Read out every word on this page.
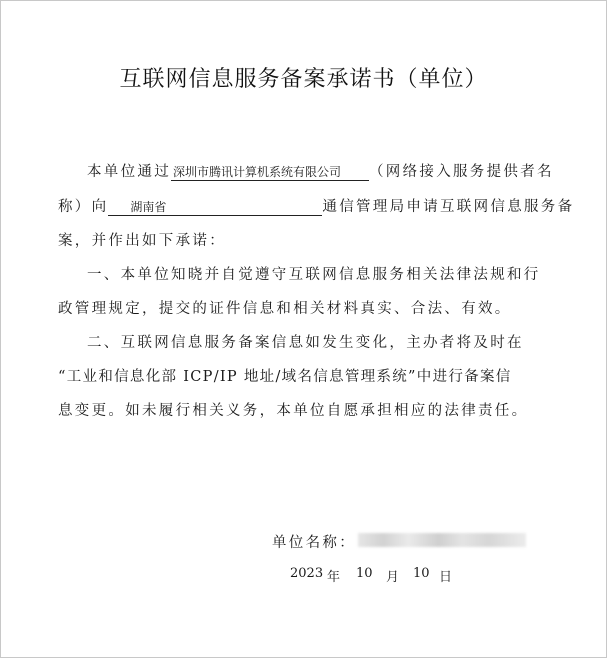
互联网信息服务备案承诺书（单位）
本单位通过 深圳市腾讯计算机系统有限公司 （网络接入服务提供者名
称）向 湖南省	通信管理局申请互联网信息服务备
案，并作出如下承诺：
一、本单位知晓并自觉遵守互联网信息服务相关法律法规和行
政管理规定，提交的证件信息和相关材料真实、合法、有效。
二、互联网信息服务备案信息如发生变化，主办者将及时在
“工业和信息化部 ICP/IP 地址/域名信息管理系统”中进行备案信
息变更。如未履行相关义务，本单位自愿承担相应的法律责任。
单位名称：
2023 年 10 月 10 日
